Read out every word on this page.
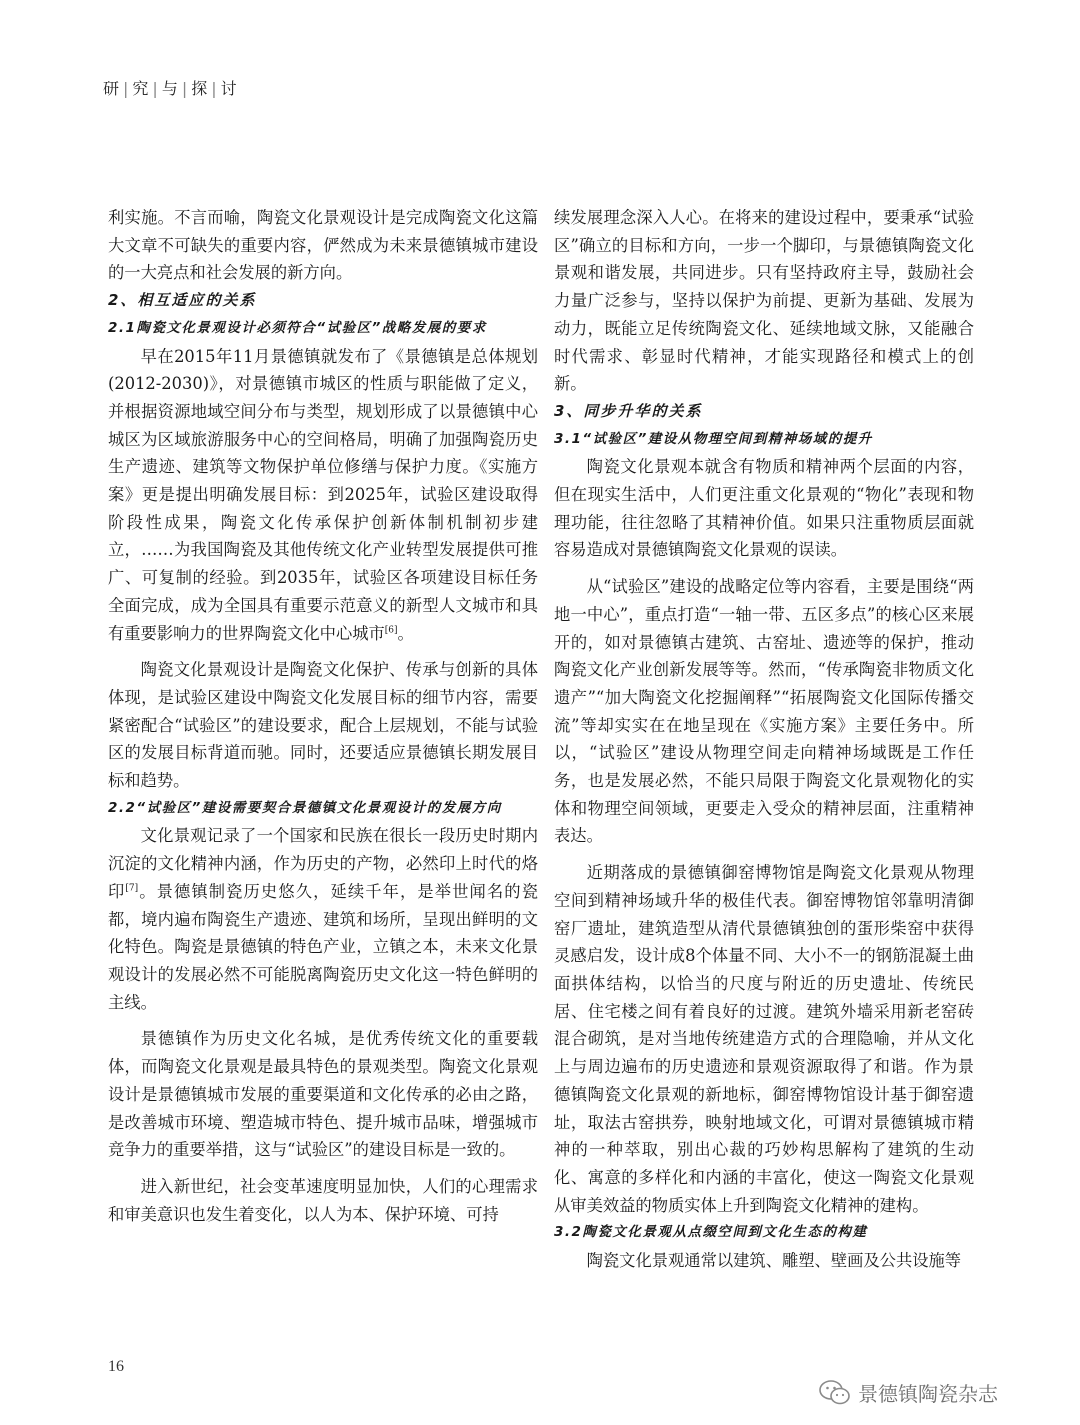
研 | 究 | 与 | 探 | 讨

利实施。不言而喻，陶瓷文化景观设计是完成陶瓷文化这篇大文章不可缺失的重要内容，俨然成为未来景德镇城市建设的一大亮点和社会发展的新方向。

2、相互适应的关系

2.1陶瓷文化景观设计必须符合“试验区”战略发展的要求

早在2015年11月景德镇就发布了《景德镇是总体规划(2012-2030)》，对景德镇市城区的性质与职能做了定义，并根据资源地域空间分布与类型，规划形成了以景德镇中心城区为区域旅游服务中心的空间格局，明确了加强陶瓷历史生产遗迹、建筑等文物保护单位修缮与保护力度。《实施方案》更是提出明确发展目标：到2025年，试验区建设取得阶段性成果，陶瓷文化传承保护创新体制机制初步建立，……为我国陶瓷及其他传统文化产业转型发展提供可推广、可复制的经验。到2035年，试验区各项建设目标任务全面完成，成为全国具有重要示范意义的新型人文城市和具有重要影响力的世界陶瓷文化中心城市[6]。

陶瓷文化景观设计是陶瓷文化保护、传承与创新的具体体现，是试验区建设中陶瓷文化发展目标的细节内容，需要紧密配合“试验区”的建设要求，配合上层规划，不能与试验区的发展目标背道而驰。同时，还要适应景德镇长期发展目标和趋势。

2.2“试验区”建设需要契合景德镇文化景观设计的发展方向

文化景观记录了一个国家和民族在很长一段历史时期内沉淀的文化精神内涵，作为历史的产物，必然印上时代的烙印[7]。景德镇制瓷历史悠久，延续千年，是举世闻名的瓷都，境内遍布陶瓷生产遗迹、建筑和场所，呈现出鲜明的文化特色。陶瓷是景德镇的特色产业，立镇之本，未来文化景观设计的发展必然不可能脱离陶瓷历史文化这一特色鲜明的主线。

景德镇作为历史文化名城，是优秀传统文化的重要载体，而陶瓷文化景观是最具特色的景观类型。陶瓷文化景观设计是景德镇城市发展的重要渠道和文化传承的必由之路，是改善城市环境、塑造城市特色、提升城市品味，增强城市竞争力的重要举措，这与“试验区”的建设目标是一致的。

进入新世纪，社会变革速度明显加快，人们的心理需求和审美意识也发生着变化，以人为本、保护环境、可持

续发展理念深入人心。在将来的建设过程中，要秉承“试验区”确立的目标和方向，一步一个脚印，与景德镇陶瓷文化景观和谐发展，共同进步。只有坚持政府主导，鼓励社会力量广泛参与，坚持以保护为前提、更新为基础、发展为动力，既能立足传统陶瓷文化、延续地域文脉，又能融合时代需求、彰显时代精神，才能实现路径和模式上的创新。

3、同步升华的关系

3.1“试验区”建设从物理空间到精神场域的提升

陶瓷文化景观本就含有物质和精神两个层面的内容，但在现实生活中，人们更注重文化景观的“物化”表现和物理功能，往往忽略了其精神价值。如果只注重物质层面就容易造成对景德镇陶瓷文化景观的误读。

从“试验区”建设的战略定位等内容看，主要是围绕“两地一中心”，重点打造“一轴一带、五区多点”的核心区来展开的，如对景德镇古建筑、古窑址、遗迹等的保护，推动陶瓷文化产业创新发展等等。然而，“传承陶瓷非物质文化遗产”“加大陶瓷文化挖掘阐释”“拓展陶瓷文化国际传播交流”等却实实在在地呈现在《实施方案》主要任务中。所以，“试验区”建设从物理空间走向精神场域既是工作任务，也是发展必然，不能只局限于陶瓷文化景观物化的实体和物理空间领域，更要走入受众的精神层面，注重精神表达。

近期落成的景德镇御窑博物馆是陶瓷文化景观从物理空间到精神场域升华的极佳代表。御窑博物馆邻靠明清御窑厂遗址，建筑造型从清代景德镇独创的蛋形柴窑中获得灵感启发，设计成8个体量不同、大小不一的钢筋混凝土曲面拱体结构，以恰当的尺度与附近的历史遗址、传统民居、住宅楼之间有着良好的过渡。建筑外墙采用新老窑砖混合砌筑，是对当地传统建造方式的合理隐喻，并从文化上与周边遍布的历史遗迹和景观资源取得了和谐。作为景德镇陶瓷文化景观的新地标，御窑博物馆设计基于御窑遗址，取法古窑拱券，映射地域文化，可谓对景德镇城市精神的一种萃取，别出心裁的巧妙构思解构了建筑的生动化、寓意的多样化和内涵的丰富化，使这一陶瓷文化景观从审美效益的物质实体上升到陶瓷文化精神的建构。

3.2陶瓷文化景观从点缀空间到文化生态的构建

陶瓷文化景观通常以建筑、雕塑、壁画及公共设施等

16
景德镇陶瓷杂志
